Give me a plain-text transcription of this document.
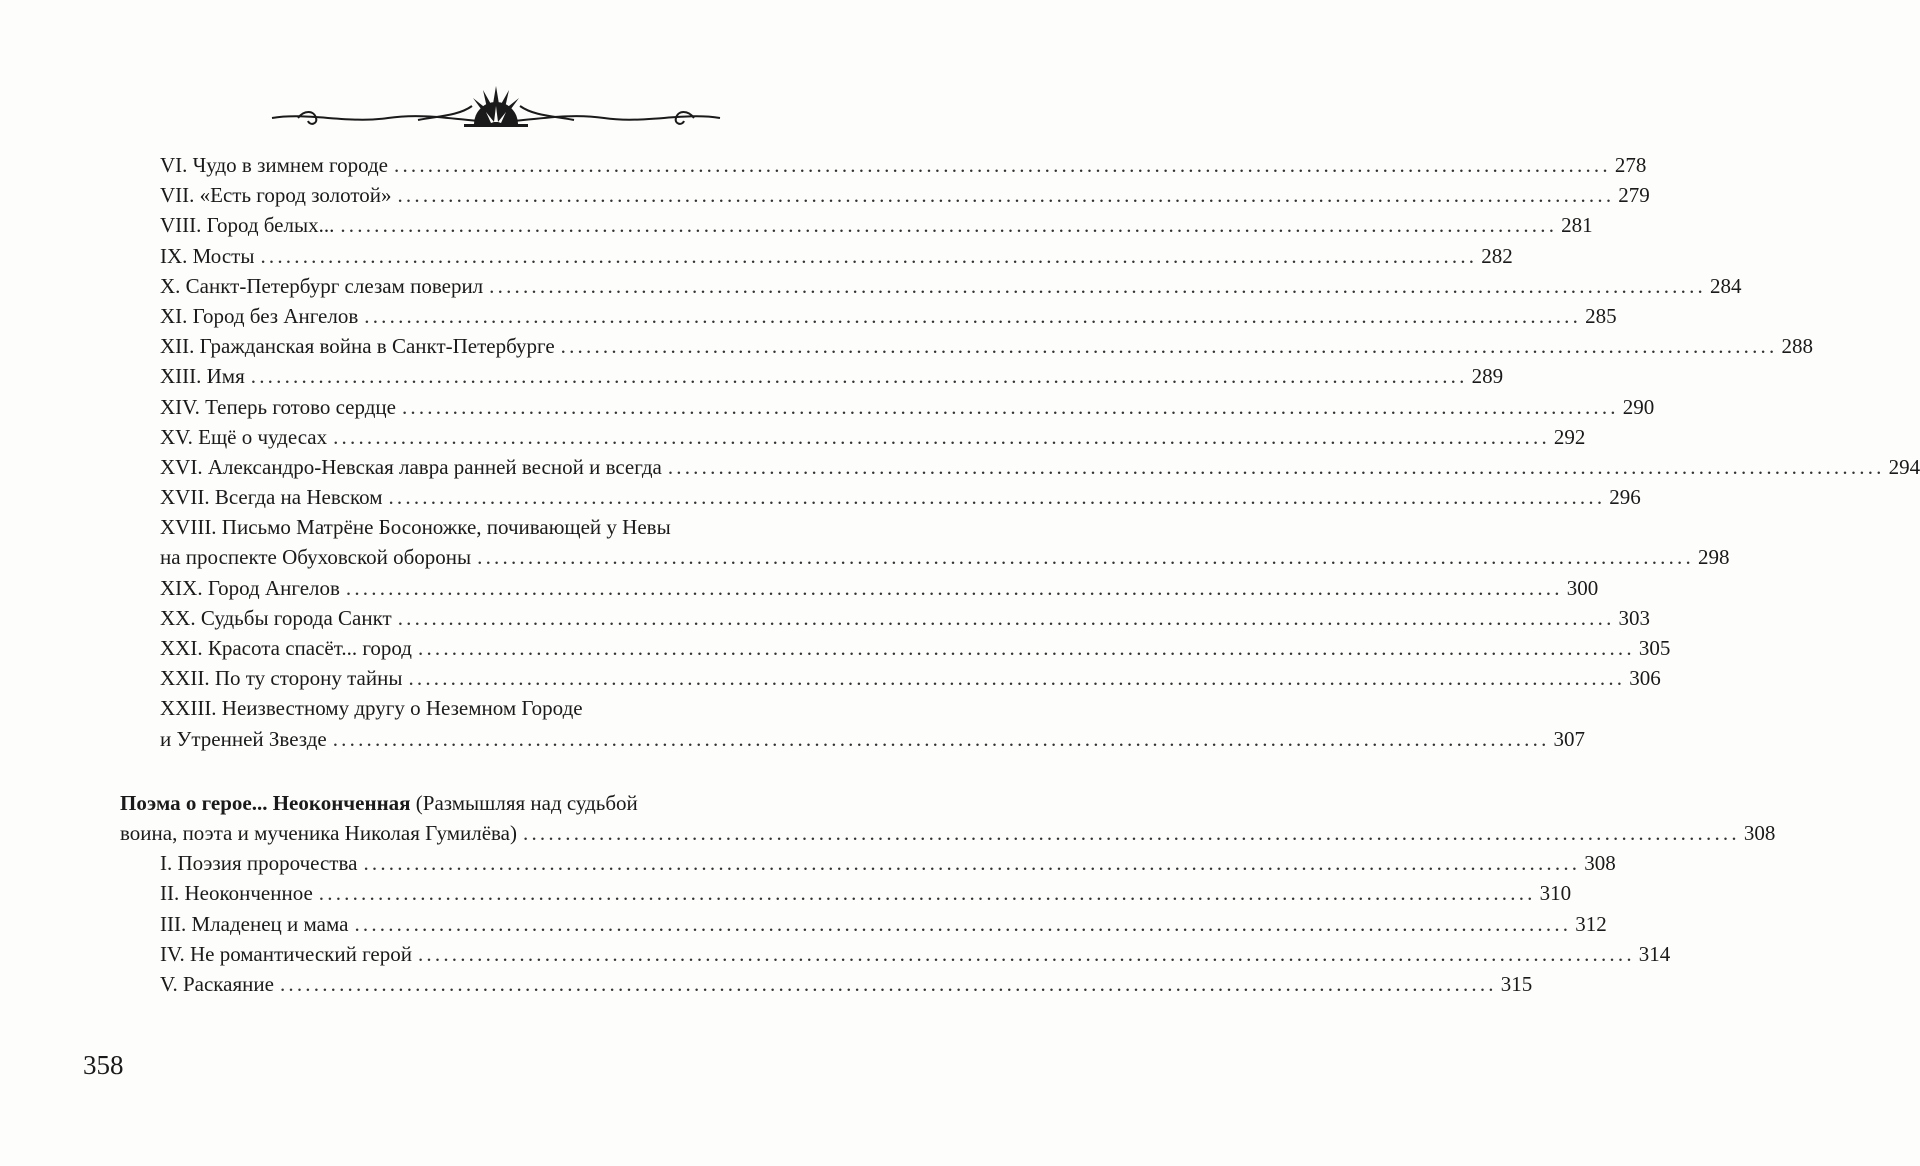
VI. Чудо в зимнем городе ................................................................................................................................................ 278
VII. «Есть город золотой» ................................................................................................................................................ 279
VIII. Город белых... ................................................................................................................................................ 281
IX. Мосты ................................................................................................................................................ 282
X. Санкт-Петербург слезам поверил ................................................................................................................................................ 284
XI. Город без Ангелов ................................................................................................................................................ 285
XII. Гражданская война в Санкт-Петербурге ................................................................................................................................................ 288
XIII. Имя ................................................................................................................................................ 289
XIV. Теперь готово сердце ................................................................................................................................................ 290
XV. Ещё о чудесах ................................................................................................................................................ 292
XVI. Александро-Невская лавра ранней весной и всегда ................................................................................................................................................ 294
XVII. Всегда на Невском ................................................................................................................................................ 296
XVIII. Письмо Матрёне Босоножке, почивающей у Невы
на проспекте Обуховской обороны ................................................................................................................................................ 298
XIX. Город Ангелов ................................................................................................................................................ 300
XX. Судьбы города Санкт ................................................................................................................................................ 303
XXI. Красота спасёт... город ................................................................................................................................................ 305
XXII. По ту сторону тайны ................................................................................................................................................ 306
XXIII. Неизвестному другу о Неземном Городе
и Утренней Звезде ................................................................................................................................................ 307
Поэма о герое... Неоконченная (Размышляя над судьбой
воина, поэта и мученика Николая Гумилёва) ................................................................................................................................................ 308
I. Поэзия пророчества ................................................................................................................................................ 308
II. Неоконченное ................................................................................................................................................ 310
III. Младенец и мама ................................................................................................................................................ 312
IV. Не романтический герой ................................................................................................................................................ 314
V. Раскаяние ................................................................................................................................................ 315
358
